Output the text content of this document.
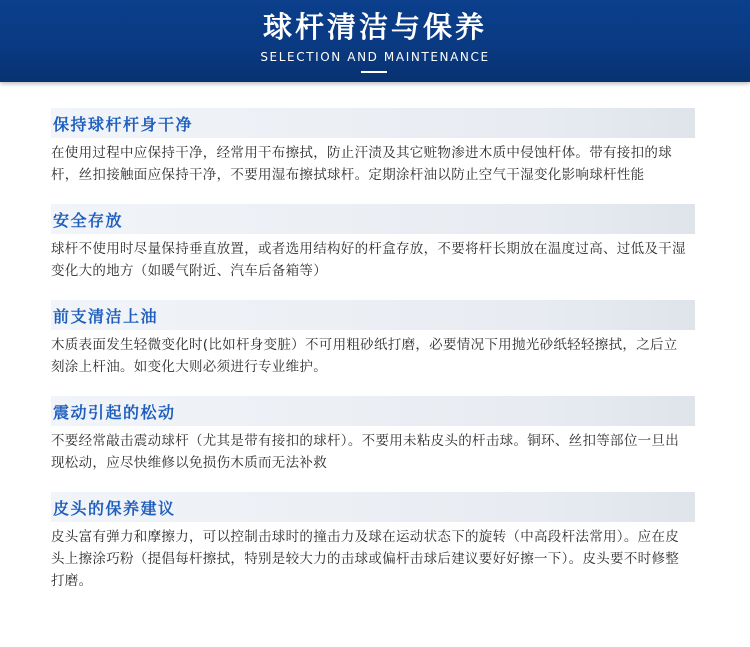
球杆清洁与保养
SELECTION AND MAINTENANCE
保持球杆杆身干净
在使用过程中应保持干净，经常用干布擦拭，防止汗渍及其它赃物渗进木质中侵蚀杆体。带有接扣的球杆，丝扣接触面应保持干净，不要用湿布擦拭球杆。定期涂杆油以防止空气干湿变化影响球杆性能
安全存放
球杆不使用时尽量保持垂直放置，或者选用结构好的杆盒存放，不要将杆长期放在温度过高、过低及干湿变化大的地方（如暖气附近、汽车后备箱等）
前支清洁上油
木质表面发生轻微变化时(比如杆身变脏）不可用粗砂纸打磨，必要情况下用抛光砂纸轻轻擦拭，之后立刻涂上杆油。如变化大则必须进行专业维护。
震动引起的松动
不要经常敲击震动球杆（尤其是带有接扣的球杆）。不要用未粘皮头的杆击球。铜环、丝扣等部位一旦出现松动，应尽快维修以免损伤木质而无法补救
皮头的保养建议
皮头富有弹力和摩擦力，可以控制击球时的撞击力及球在运动状态下的旋转（中高段杆法常用）。应在皮头上擦涂巧粉（提倡每杆擦拭，特别是较大力的击球或偏杆击球后建议要好好擦一下）。皮头要不时修整打磨。
